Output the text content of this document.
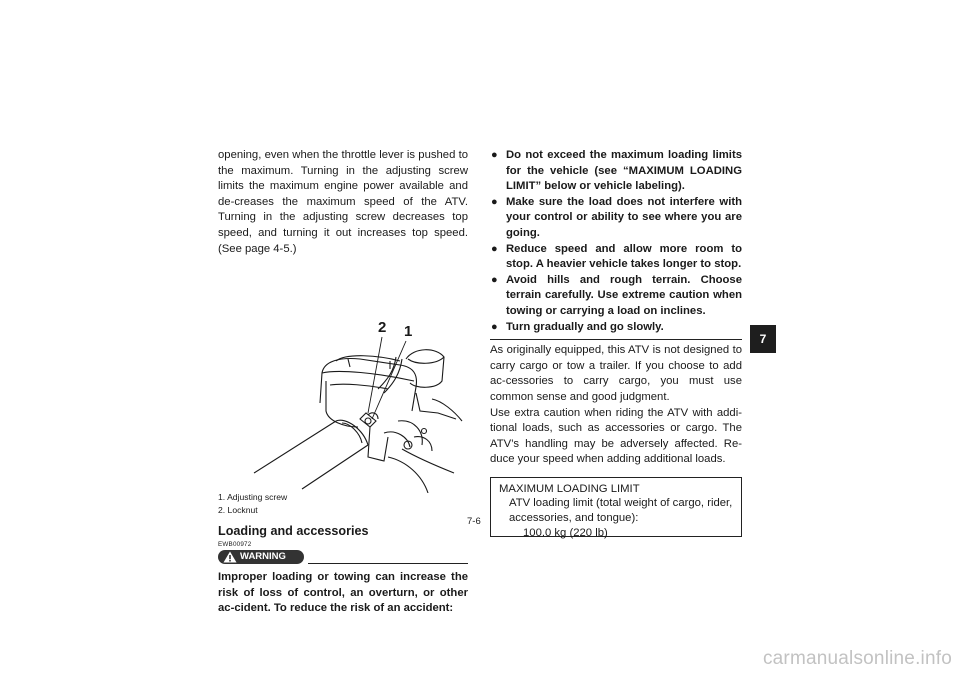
opening, even when the throttle lever is pushed to the maximum. Turning in the adjusting screw limits the maximum engine power available and de-creases the maximum speed of the ATV. Turning in the adjusting screw decreases top speed, and turning it out increases top speed. (See page 4-5.)

2 1
1. Adjusting screw
2. Locknut
Loading and accessories
EWB00972
WARNING

Improper loading or towing can increase the risk of loss of control, an overturn, or other ac-cident. To reduce the risk of an accident:

● Do not exceed the maximum loading limits for the vehicle (see “MAXIMUM LOADING LIMIT” below or vehicle labeling).
● Make sure the load does not interfere with your control or ability to see where you are going.
● Reduce speed and allow more room to stop. A heavier vehicle takes longer to stop.
● Avoid hills and rough terrain. Choose terrain carefully. Use extreme caution when towing or carrying a load on inclines.
● Turn gradually and go slowly.

As originally equipped, this ATV is not designed to carry cargo or tow a trailer. If you choose to add ac-cessories to carry cargo, you must use common sense and good judgment.

Use extra caution when riding the ATV with addi-tional loads, such as accessories or cargo. The ATV’s handling may be adversely affected. Re-duce your speed when adding additional loads.

MAXIMUM LOADING LIMIT
ATV loading limit (total weight of cargo, rider, accessories, and tongue):
100.0 kg (220 lb)
7
7-6
carmanualsonline.info
